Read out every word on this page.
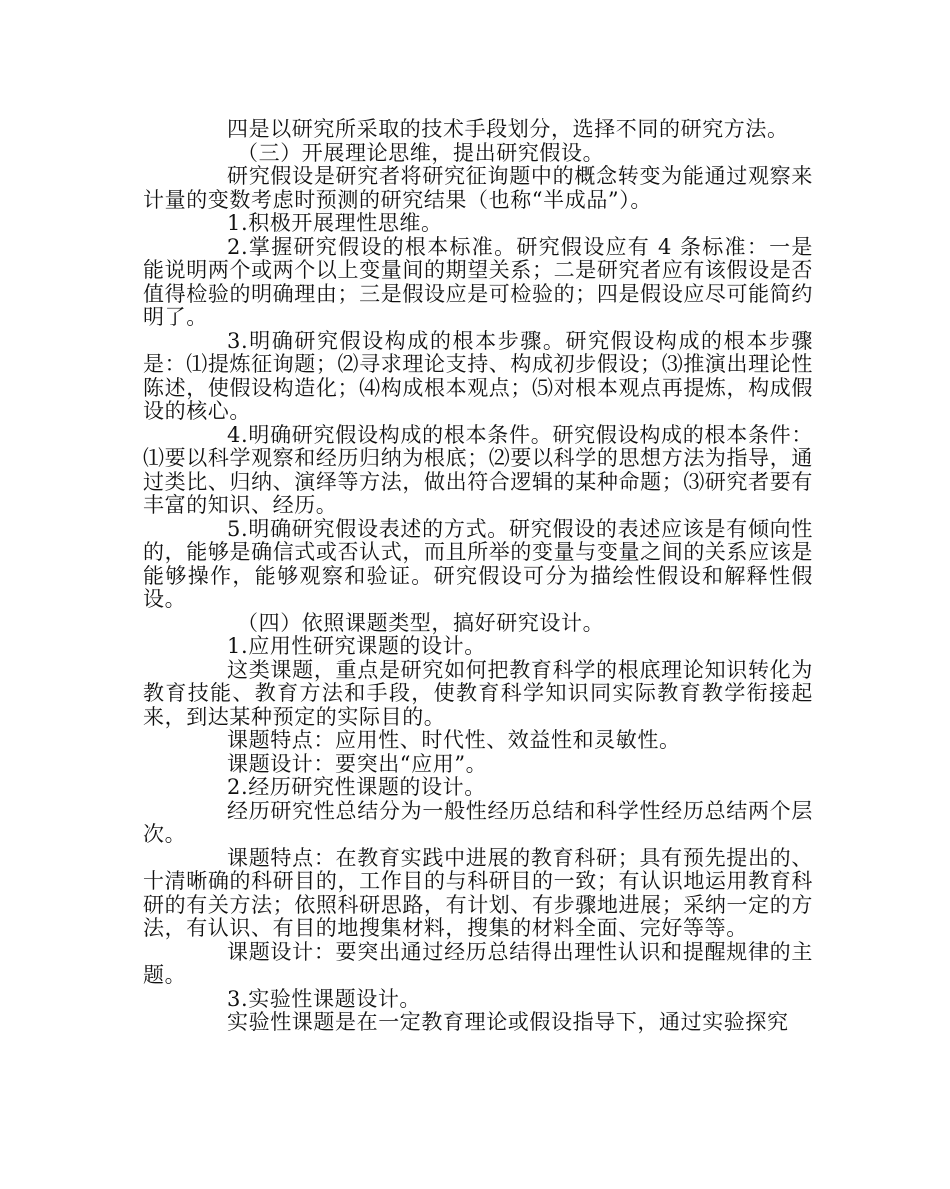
四是以研究所采取的技术手段划分，选择不同的研究方法。

（三）开展理论思维，提出研究假设。

研究假设是研究者将研究征询题中的概念转变为能通过观察来计量的变数考虑时预测的研究结果（也称“半成品”）。

1.积极开展理性思维。

2.掌握研究假设的根本标准。研究假设应有 4 条标准：一是能说明两个或两个以上变量间的期望关系；二是研究者应有该假设是否值得检验的明确理由；三是假设应是可检验的；四是假设应尽可能简约明了。

3.明确研究假设构成的根本步骤。研究假设构成的根本步骤是：⑴提炼征询题；⑵寻求理论支持、构成初步假设；⑶推演出理论性陈述，使假设构造化；⑷构成根本观点；⑸对根本观点再提炼，构成假设的核心。

4.明确研究假设构成的根本条件。研究假设构成的根本条件：⑴要以科学观察和经历归纳为根底；⑵要以科学的思想方法为指导，通过类比、归纳、演绎等方法，做出符合逻辑的某种命题；⑶研究者要有丰富的知识、经历。

5.明确研究假设表述的方式。研究假设的表述应该是有倾向性的，能够是确信式或否认式，而且所举的变量与变量之间的关系应该是能够操作，能够观察和验证。研究假设可分为描绘性假设和解释性假设。

（四）依照课题类型，搞好研究设计。

1.应用性研究课题的设计。

这类课题，重点是研究如何把教育科学的根底理论知识转化为教育技能、教育方法和手段，使教育科学知识同实际教育教学衔接起来，到达某种预定的实际目的。

课题特点：应用性、时代性、效益性和灵敏性。

课题设计：要突出“应用”。

2.经历研究性课题的设计。

经历研究性总结分为一般性经历总结和科学性经历总结两个层次。

课题特点：在教育实践中进展的教育科研；具有预先提出的、十清晰确的科研目的，工作目的与科研目的一致；有认识地运用教育科研的有关方法；依照科研思路，有计划、有步骤地进展；采纳一定的方法，有认识、有目的地搜集材料，搜集的材料全面、完好等等。

课题设计：要突出通过经历总结得出理性认识和提醒规律的主题。

3.实验性课题设计。

实验性课题是在一定教育理论或假设指导下，通过实验探究
